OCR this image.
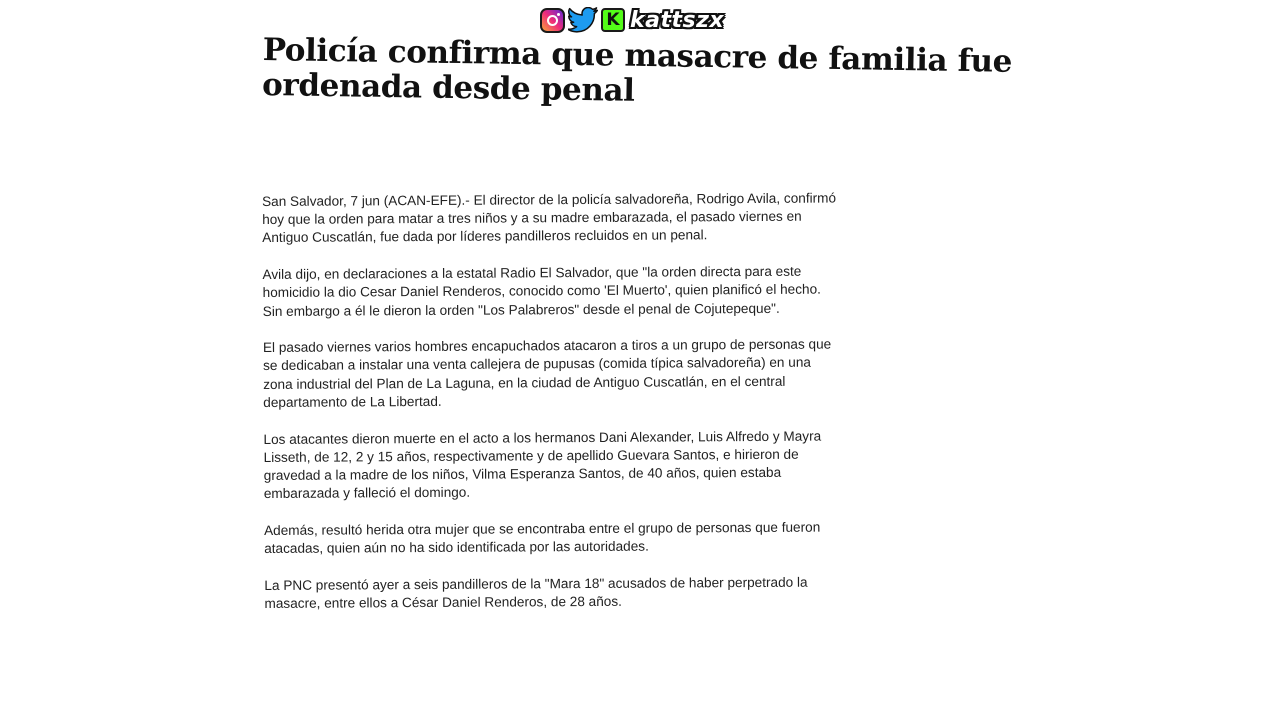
K kattszx
Policía confirma que masacre de familia fue ordenada desde penal

San Salvador, 7 jun (ACAN-EFE).- El director de la policía salvadoreña, Rodrigo Avila, confirmó hoy que la orden para matar a tres niños y a su madre embarazada, el pasado viernes en Antiguo Cuscatlán, fue dada por líderes pandilleros recluidos en un penal.

Avila dijo, en declaraciones a la estatal Radio El Salvador, que "la orden directa para este homicidio la dio Cesar Daniel Renderos, conocido como 'El Muerto', quien planificó el hecho. Sin embargo a él le dieron la orden "Los Palabreros" desde el penal de Cojutepeque".

El pasado viernes varios hombres encapuchados atacaron a tiros a un grupo de personas que se dedicaban a instalar una venta callejera de pupusas (comida típica salvadoreña) en una zona industrial del Plan de La Laguna, en la ciudad de Antiguo Cuscatlán, en el central departamento de La Libertad.

Los atacantes dieron muerte en el acto a los hermanos Dani Alexander, Luis Alfredo y Mayra Lisseth, de 12, 2 y 15 años, respectivamente y de apellido Guevara Santos, e hirieron de gravedad a la madre de los niños, Vilma Esperanza Santos, de 40 años, quien estaba embarazada y falleció el domingo.

Además, resultó herida otra mujer que se encontraba entre el grupo de personas que fueron atacadas, quien aún no ha sido identificada por las autoridades.

La PNC presentó ayer a seis pandilleros de la "Mara 18" acusados de haber perpetrado la masacre, entre ellos a César Daniel Renderos, de 28 años.
